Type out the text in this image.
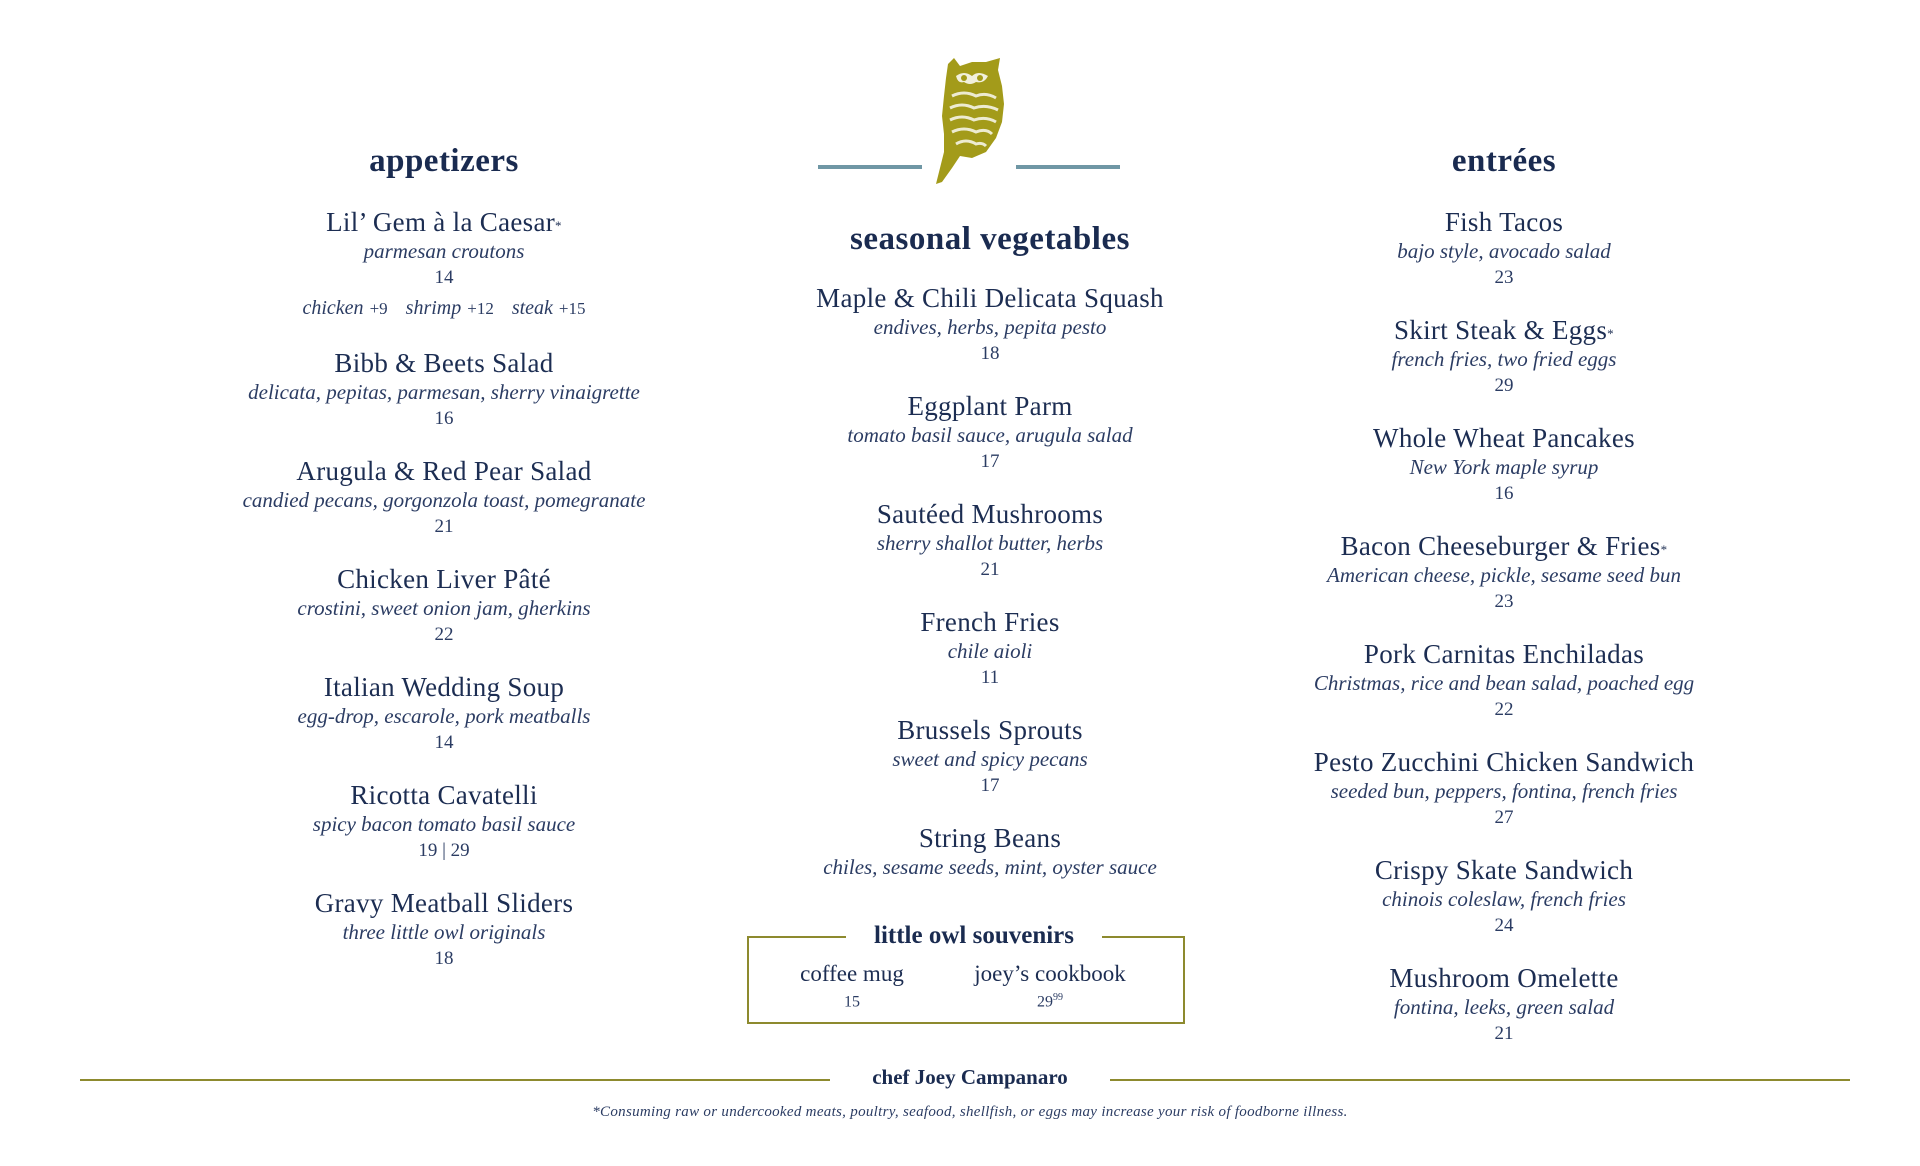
appetizers
Lil’ Gem à la Caesar*
parmesan croutons
14
chicken +9 shrimp +12 steak +15
Bibb & Beets Salad
delicata, pepitas, parmesan, sherry vinaigrette
16
Arugula & Red Pear Salad
candied pecans, gorgonzola toast, pomegranate
21
Chicken Liver Pâté
crostini, sweet onion jam, gherkins
22
Italian Wedding Soup
egg-drop, escarole, pork meatballs
14
Ricotta Cavatelli
spicy bacon tomato basil sauce
19 | 29
Gravy Meatball Sliders
three little owl originals
18
seasonal vegetables
Maple & Chili Delicata Squash
endives, herbs, pepita pesto
18
Eggplant Parm
tomato basil sauce, arugula salad
17
Sautéed Mushrooms
sherry shallot butter, herbs
21
French Fries
chile aioli
11
Brussels Sprouts
sweet and spicy pecans
17
String Beans
chiles, sesame seeds, mint, oyster sauce
entrées
Fish Tacos
bajo style, avocado salad
23
Skirt Steak & Eggs*
french fries, two fried eggs
29
Whole Wheat Pancakes
New York maple syrup
16
Bacon Cheeseburger & Fries*
American cheese, pickle, sesame seed bun
23
Pork Carnitas Enchiladas
Christmas, rice and bean salad, poached egg
22
Pesto Zucchini Chicken Sandwich
seeded bun, peppers, fontina, french fries
27
Crispy Skate Sandwich
chinois coleslaw, french fries
24
Mushroom Omelette
fontina, leeks, green salad
21
little owl souvenirs
coffee mug
15
joey’s cookbook
$29^{99}$
chef Joey Campanaro
*Consuming raw or undercooked meats, poultry, seafood, shellfish, or eggs may increase your risk of foodborne illness.
